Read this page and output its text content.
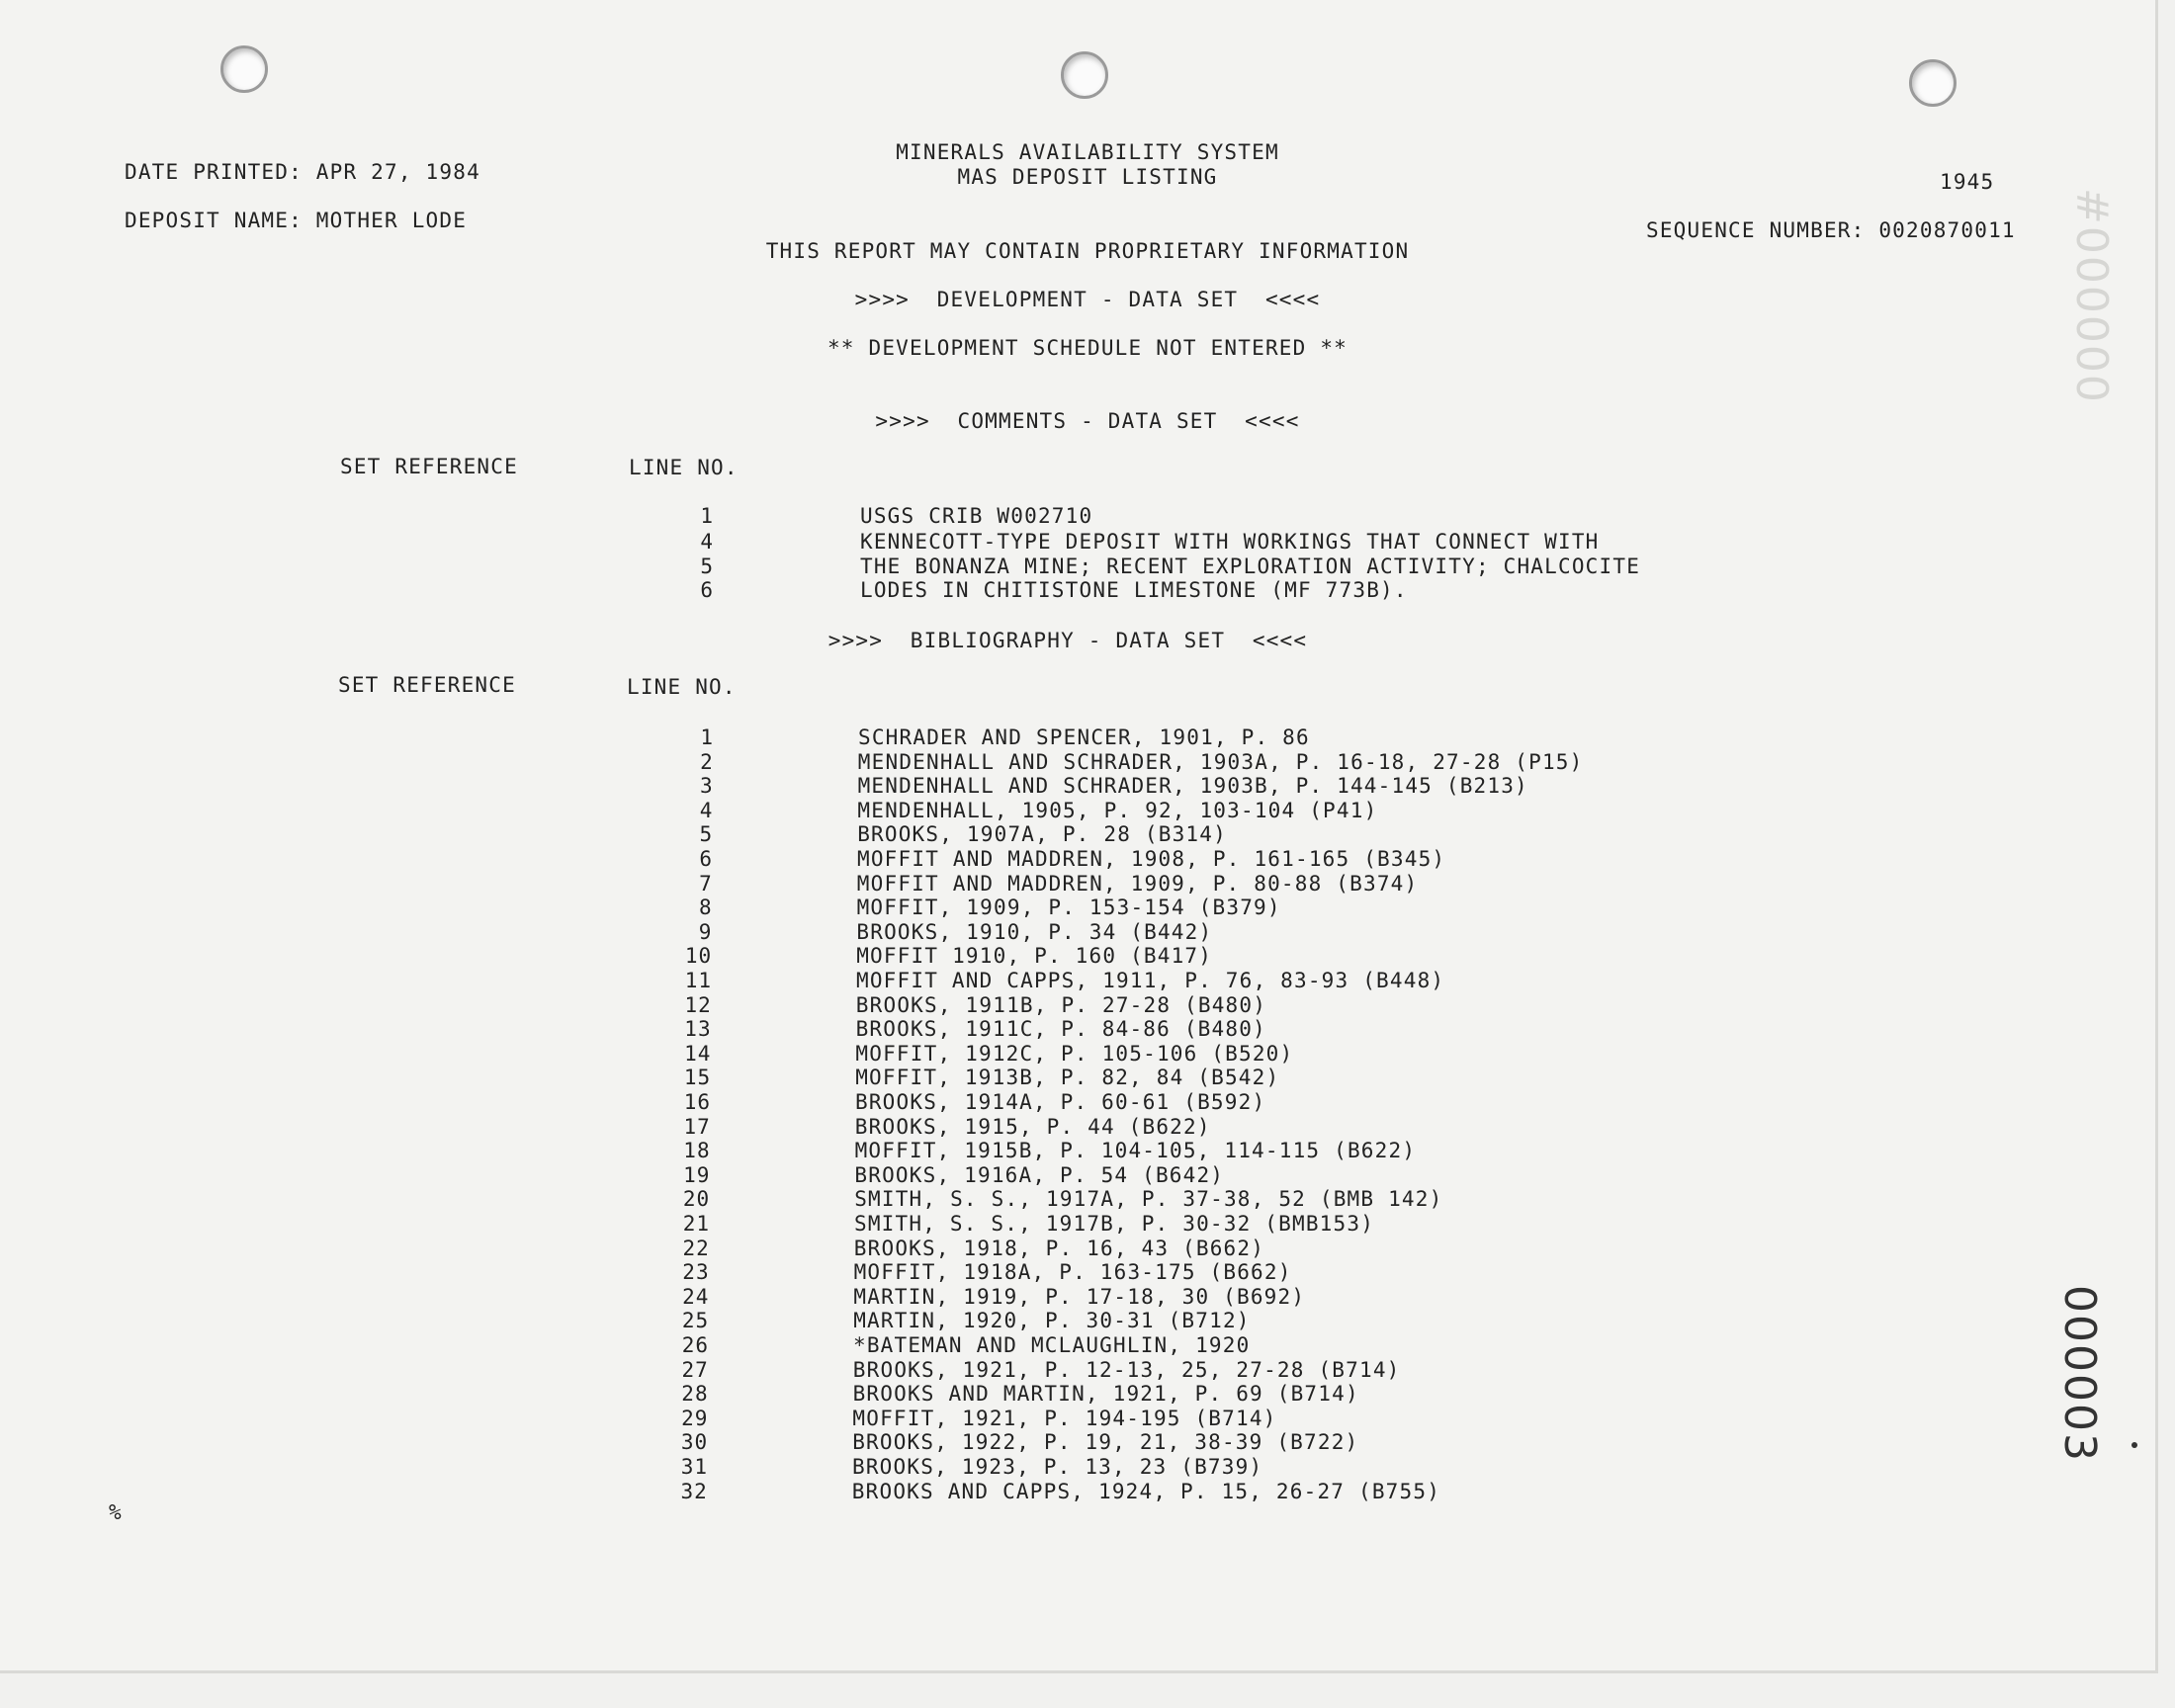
DATE PRINTED: APR 27, 1984
DEPOSIT NAME: MOTHER LODE
MINERALS AVAILABILITY SYSTEM
MAS DEPOSIT LISTING	1945
SEQUENCE NUMBER: 0020870011
THIS REPORT MAY CONTAIN PROPRIETARY INFORMATION
>>>>  DEVELOPMENT - DATA SET  <<<<
** DEVELOPMENT SCHEDULE NOT ENTERED **
>>>>  COMMENTS - DATA SET  <<<<
SET REFERENCE	LINE NO.
1	USGS CRIB W002710
4	KENNECOTT-TYPE DEPOSIT WITH WORKINGS THAT CONNECT WITH
5	THE BONANZA MINE; RECENT EXPLORATION ACTIVITY; CHALCOCITE
6	LODES IN CHITISTONE LIMESTONE (MF 773B).
>>>>  BIBLIOGRAPHY - DATA SET  <<<<
SET REFERENCE	LINE NO.
1	SCHRADER AND SPENCER, 1901, P. 86
2	MENDENHALL AND SCHRADER, 1903A, P. 16-18, 27-28 (P15)
3	MENDENHALL AND SCHRADER, 1903B, P. 144-145 (B213)
4	MENDENHALL, 1905, P. 92, 103-104 (P41)
5	BROOKS, 1907A, P. 28 (B314)
6	MOFFIT AND MADDREN, 1908, P. 161-165 (B345)
7	MOFFIT AND MADDREN, 1909, P. 80-88 (B374)
8	MOFFIT, 1909, P. 153-154 (B379)
9	BROOKS, 1910, P. 34 (B442)
10	MOFFIT 1910, P. 160 (B417)
11	MOFFIT AND CAPPS, 1911, P. 76, 83-93 (B448)
12	BROOKS, 1911B, P. 27-28 (B480)
13	BROOKS, 1911C, P. 84-86 (B480)
14	MOFFIT, 1912C, P. 105-106 (B520)
15	MOFFIT, 1913B, P. 82, 84 (B542)
16	BROOKS, 1914A, P. 60-61 (B592)
17	BROOKS, 1915, P. 44 (B622)
18	MOFFIT, 1915B, P. 104-105, 114-115 (B622)
19	BROOKS, 1916A, P. 54 (B642)
20	SMITH, S. S., 1917A, P. 37-38, 52 (BMB 142)
21	SMITH, S. S., 1917B, P. 30-32 (BMB153)
22	BROOKS, 1918, P. 16, 43 (B662)
23	MOFFIT, 1918A, P. 163-175 (B662)
24	MARTIN, 1919, P. 17-18, 30 (B692)
25	MARTIN, 1920, P. 30-31 (B712)
26	*BATEMAN AND MCLAUGHLIN, 1920
27	BROOKS, 1921, P. 12-13, 25, 27-28 (B714)
28	BROOKS AND MARTIN, 1921, P. 69 (B714)
29	MOFFIT, 1921, P. 194-195 (B714)
30	BROOKS, 1922, P. 19, 21, 38-39 (B722)
31	BROOKS, 1923, P. 13, 23 (B739)
32	BROOKS AND CAPPS, 1924, P. 15, 26-27 (B755)
%
#000000
000003
